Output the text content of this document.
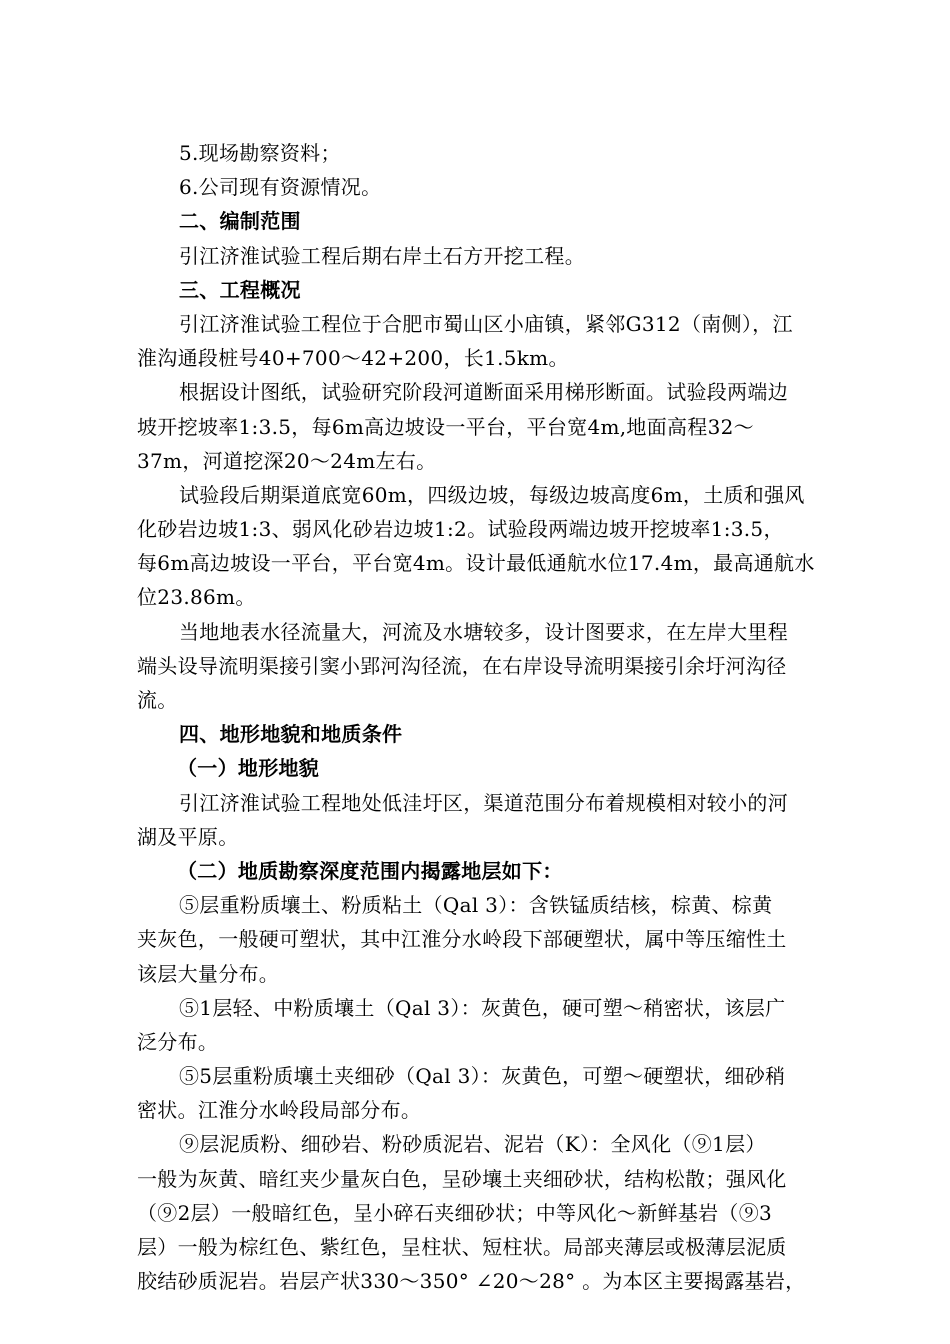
5.现场勘察资料；
6.公司现有资源情况。
二、编制范围
引江济淮试验工程后期右岸土石方开挖工程。
三、工程概况
引江济淮试验工程位于合肥市蜀山区小庙镇，紧邻G312（南侧），江
淮沟通段桩号40+700～42+200，长1.5km。
根据设计图纸，试验研究阶段河道断面采用梯形断面。试验段两端边
坡开挖坡率1:3.5，每6m高边坡设一平台，平台宽4m,地面高程32～
37m，河道挖深20～24m左右。
试验段后期渠道底宽60m，四级边坡，每级边坡高度6m，土质和强风
化砂岩边坡1:3、弱风化砂岩边坡1:2。试验段两端边坡开挖坡率1:3.5，
每6m高边坡设一平台，平台宽4m。设计最低通航水位17.4m，最高通航水
位23.86m。
当地地表水径流量大，河流及水塘较多，设计图要求，在左岸大里程
端头设导流明渠接引窦小郢河沟径流，在右岸设导流明渠接引余圩河沟径
流。
四、地形地貌和地质条件
（一）地形地貌
引江济淮试验工程地处低洼圩区，渠道范围分布着规模相对较小的河
湖及平原。
（二）地质勘察深度范围内揭露地层如下：
⑤层重粉质壤土、粉质粘土（Qal 3）：含铁锰质结核，棕黄、棕黄
夹灰色，一般硬可塑状，其中江淮分水岭段下部硬塑状，属中等压缩性土
该层大量分布。
⑤1层轻、中粉质壤土（Qal 3）：灰黄色，硬可塑～稍密状，该层广
泛分布。
⑤5层重粉质壤土夹细砂（Qal 3）：灰黄色，可塑～硬塑状，细砂稍
密状。江淮分水岭段局部分布。
⑨层泥质粉、细砂岩、粉砂质泥岩、泥岩（K）：全风化（⑨1层）
一般为灰黄、暗红夹少量灰白色，呈砂壤土夹细砂状，结构松散；强风化
（⑨2层）一般暗红色，呈小碎石夹细砂状；中等风化～新鲜基岩（⑨3
层）一般为棕红色、紫红色，呈柱状、短柱状。局部夹薄层或极薄层泥质
胶结砂质泥岩。岩层产状330～350° ∠20～28° 。为本区主要揭露基岩，
